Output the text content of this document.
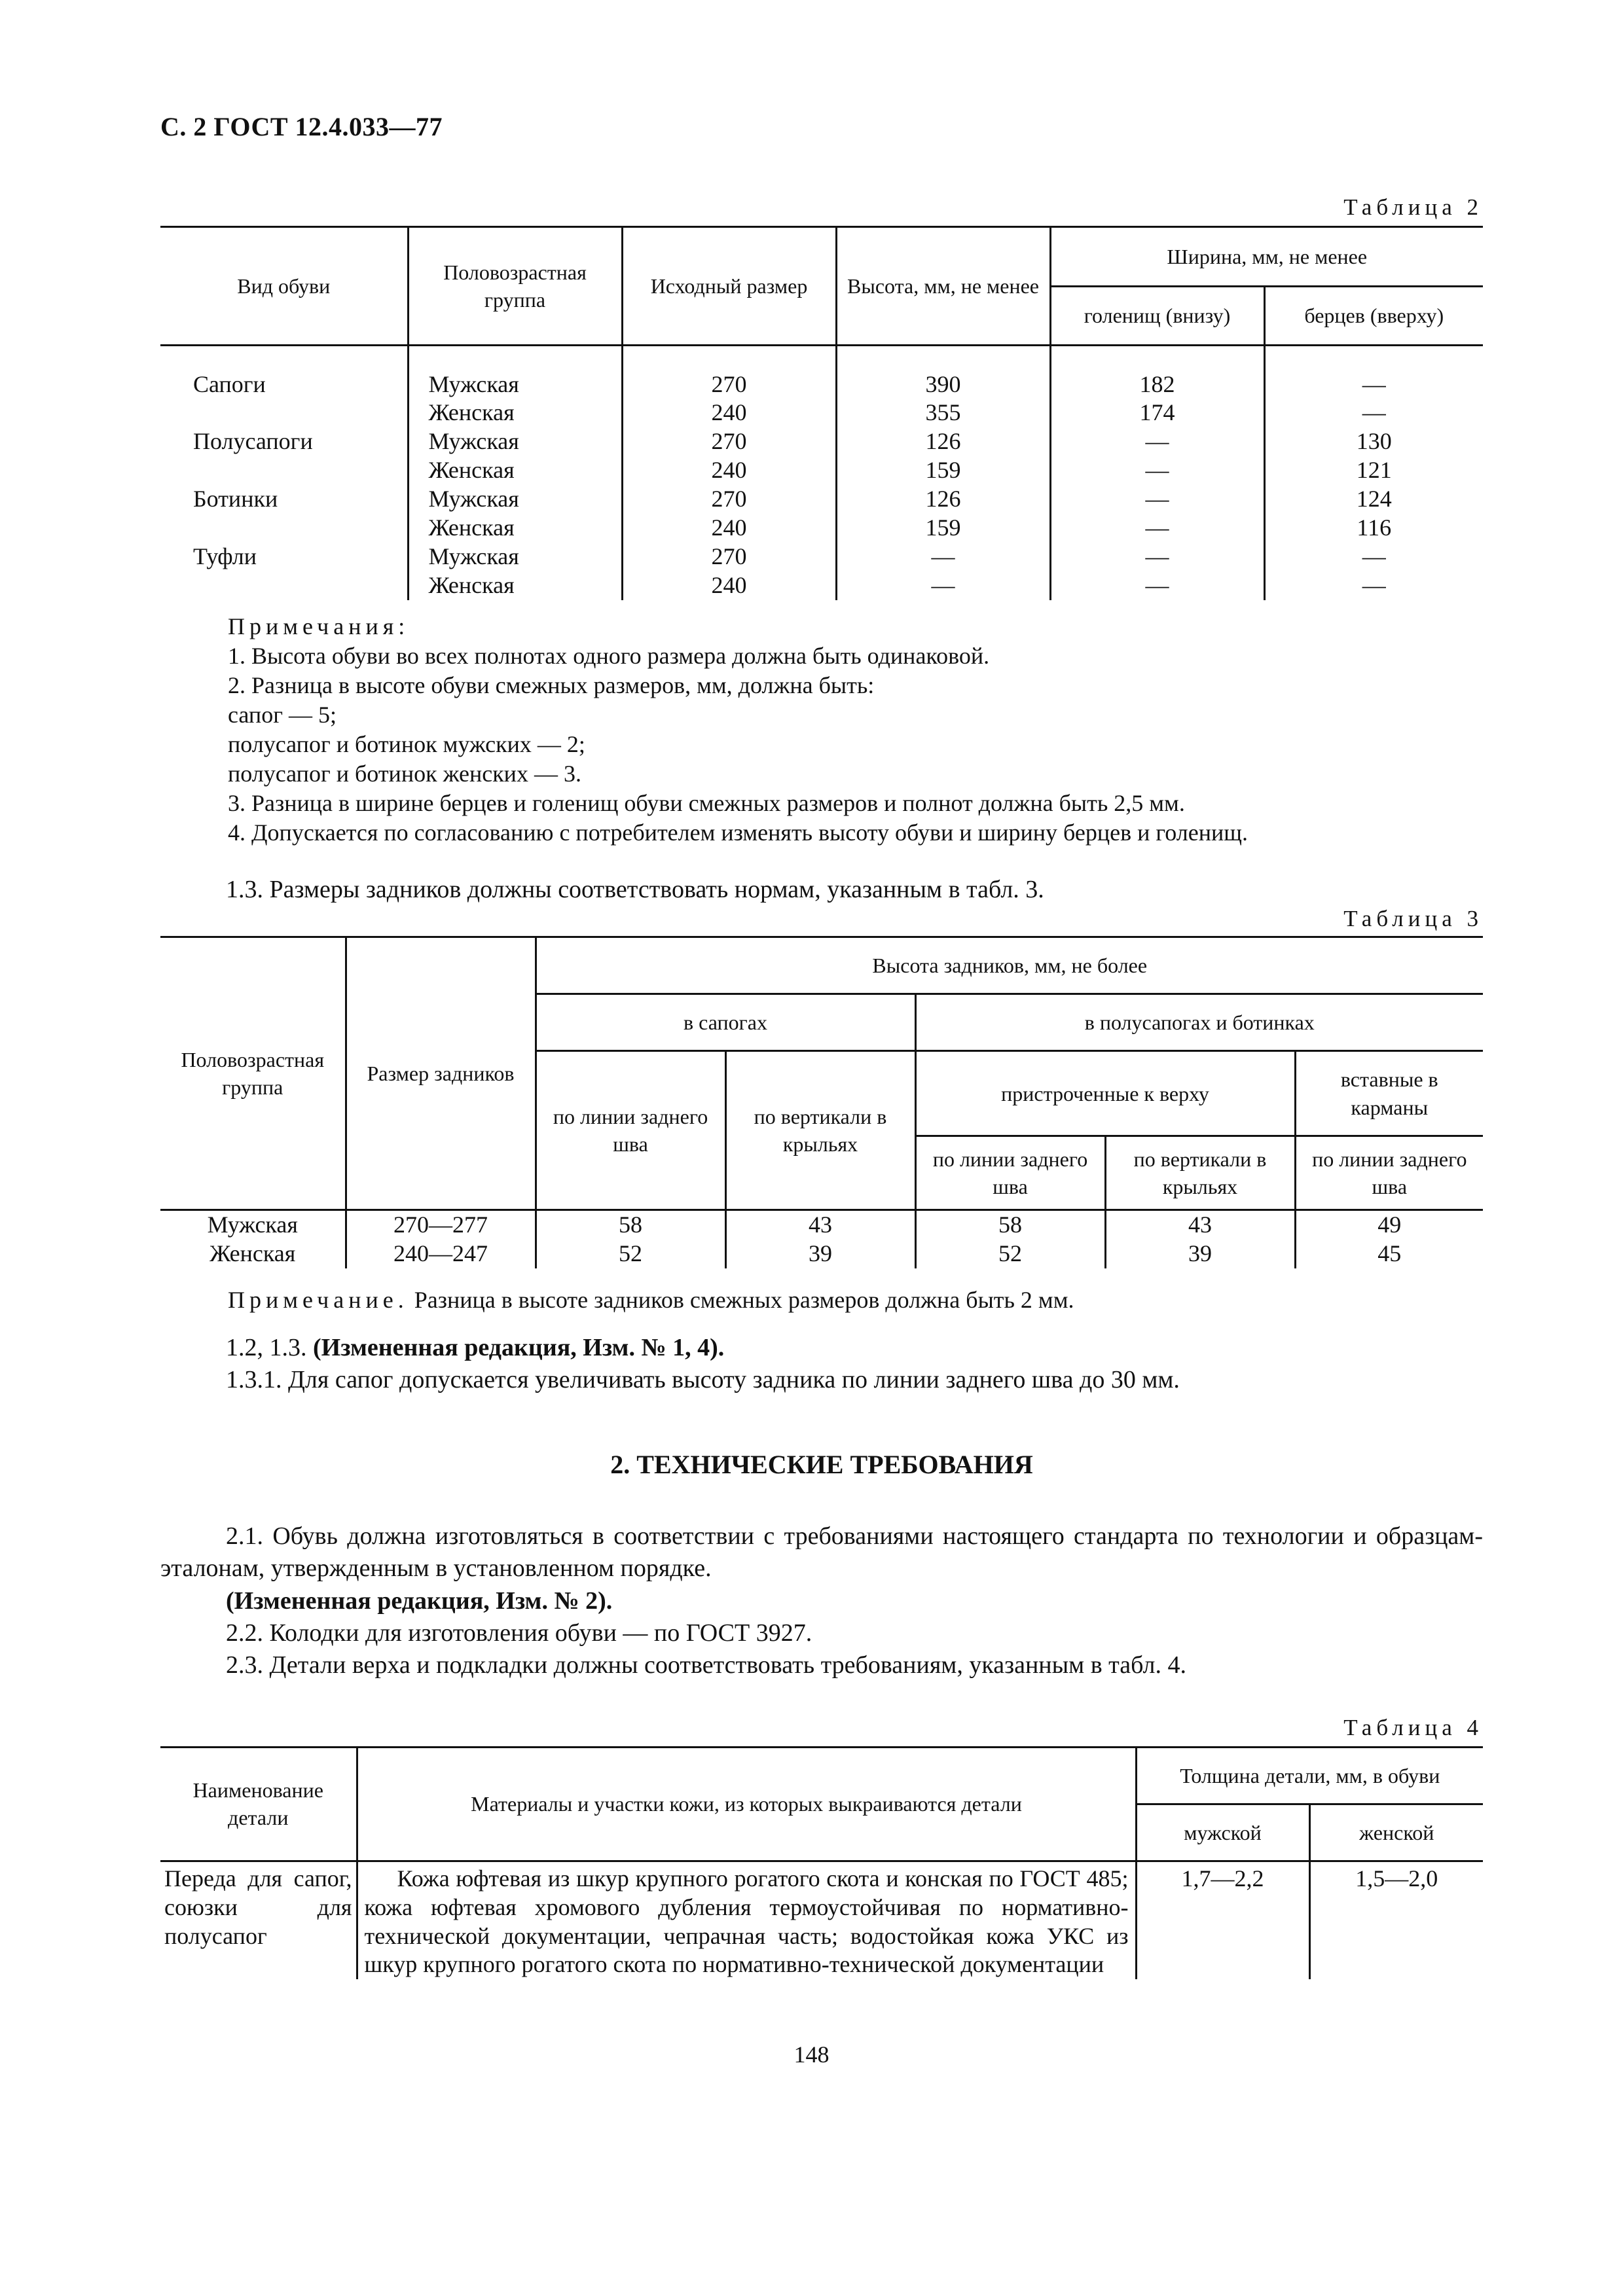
С. 2 ГОСТ 12.4.033—77
Таблица 2
Вид обуви	Половозрастная группа	Исходный размер	Высота, мм, не менее	Ширина, мм, не менее	
				голенищ (внизу)	берцев (вверху)

Сапоги	Мужская	270	390	182	—
	Женская	240	355	174	—
Полусапоги	Мужская	270	126	—	130
	Женская	240	159	—	121
Ботинки	Мужская	270	126	—	124
	Женская	240	159	—	116
Туфли	Мужская	270	—	—	—
	Женская	240	—	—	—
Примечания:
1. Высота обуви во всех полнотах одного размера должна быть одинаковой.
2. Разница в высоте обуви смежных размеров, мм, должна быть:
сапог — 5;
полусапог и ботинок мужских — 2;
полусапог и ботинок женских — 3.
3. Разница в ширине берцев и голенищ обуви смежных размеров и полнот должна быть 2,5 мм.
4. Допускается по согласованию с потребителем изменять высоту обуви и ширину берцев и голенищ.
1.3. Размеры задников должны соответствовать нормам, указанным в табл. 3.
Таблица 3
Половозрастная группа	Размер задников	Высота задников, мм, не более				
		в сапогах		в полусапогах и ботинках		
		по линии заднего шва	по вертикали в крыльях	пристроченные к верху		вставные в карманы
				по линии заднего шва	по вертикали в крыльях	по линии заднего шва
Мужская	270—277	58	43	58	43	49
Женская	240—247	52	39	52	39	45
Примечание. Разница в высоте задников смежных размеров должна быть 2 мм.
1.2, 1.3. (Измененная редакция, Изм. № 1, 4).
1.3.1. Для сапог допускается увеличивать высоту задника по линии заднего шва до 30 мм.
2. ТЕХНИЧЕСКИЕ ТРЕБОВАНИЯ
2.1. Обувь должна изготовляться в соответствии с требованиями настоящего стандарта по технологии и образцам-эталонам, утвержденным в установленном порядке.
(Измененная редакция, Изм. № 2).
2.2. Колодки для изготовления обуви — по ГОСТ 3927.
2.3. Детали верха и подкладки должны соответствовать требованиям, указанным в табл. 4.
Таблица 4
Наименование детали	Материалы и участки кожи, из которых выкраиваются детали	Толщина детали, мм, в обуви	
		мужской	женской
Переда для сапог, союзки для полусапог	Кожа юфтевая из шкур крупного рогатого скота и конская по ГОСТ 485; кожа юфтевая хромового дубления термоустойчивая по нормативно-технической документации, чепрачная часть; водостойкая кожа УКС из шкур крупного рогатого скота по нормативно-технической документации	1,7—2,2	1,5—2,0
148
